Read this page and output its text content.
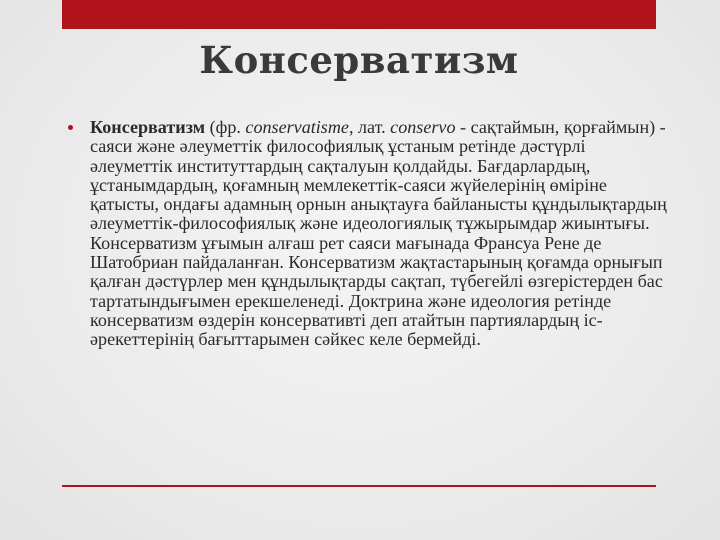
Консерватизм

Консерватизм (фр. conservatisme, лат. conservo - сақтаймын, қорғаймын) - саяси және әлеуметтік философиялық ұстаным ретінде дәстүрлі әлеуметтік институттардың сақталуын қолдайды. Бағдарлардың, ұстанымдардың, қоғамның мемлекеттік-саяси жүйелерінің өміріне қатысты, ондағы адамның орнын анықтауға байланысты құндылықтардың әлеуметтік-философиялық және идеологиялық тұжырымдар жиынтығы. Консерватизм ұғымын алғаш рет саяси мағынада Франсуа Рене де Шатобриан пайдаланған. Консерватизм жақтастарының қоғамда орнығып қалған дәстүрлер мен құндылықтарды сақтап, түбегейлі өзгерістерден бас тартатындығымен ерекшеленеді. Доктрина және идеология ретінде консерватизм өздерін консервативті деп атайтын партиялардың іс-әрекеттерінің бағыттарымен сәйкес келе бермейді.
